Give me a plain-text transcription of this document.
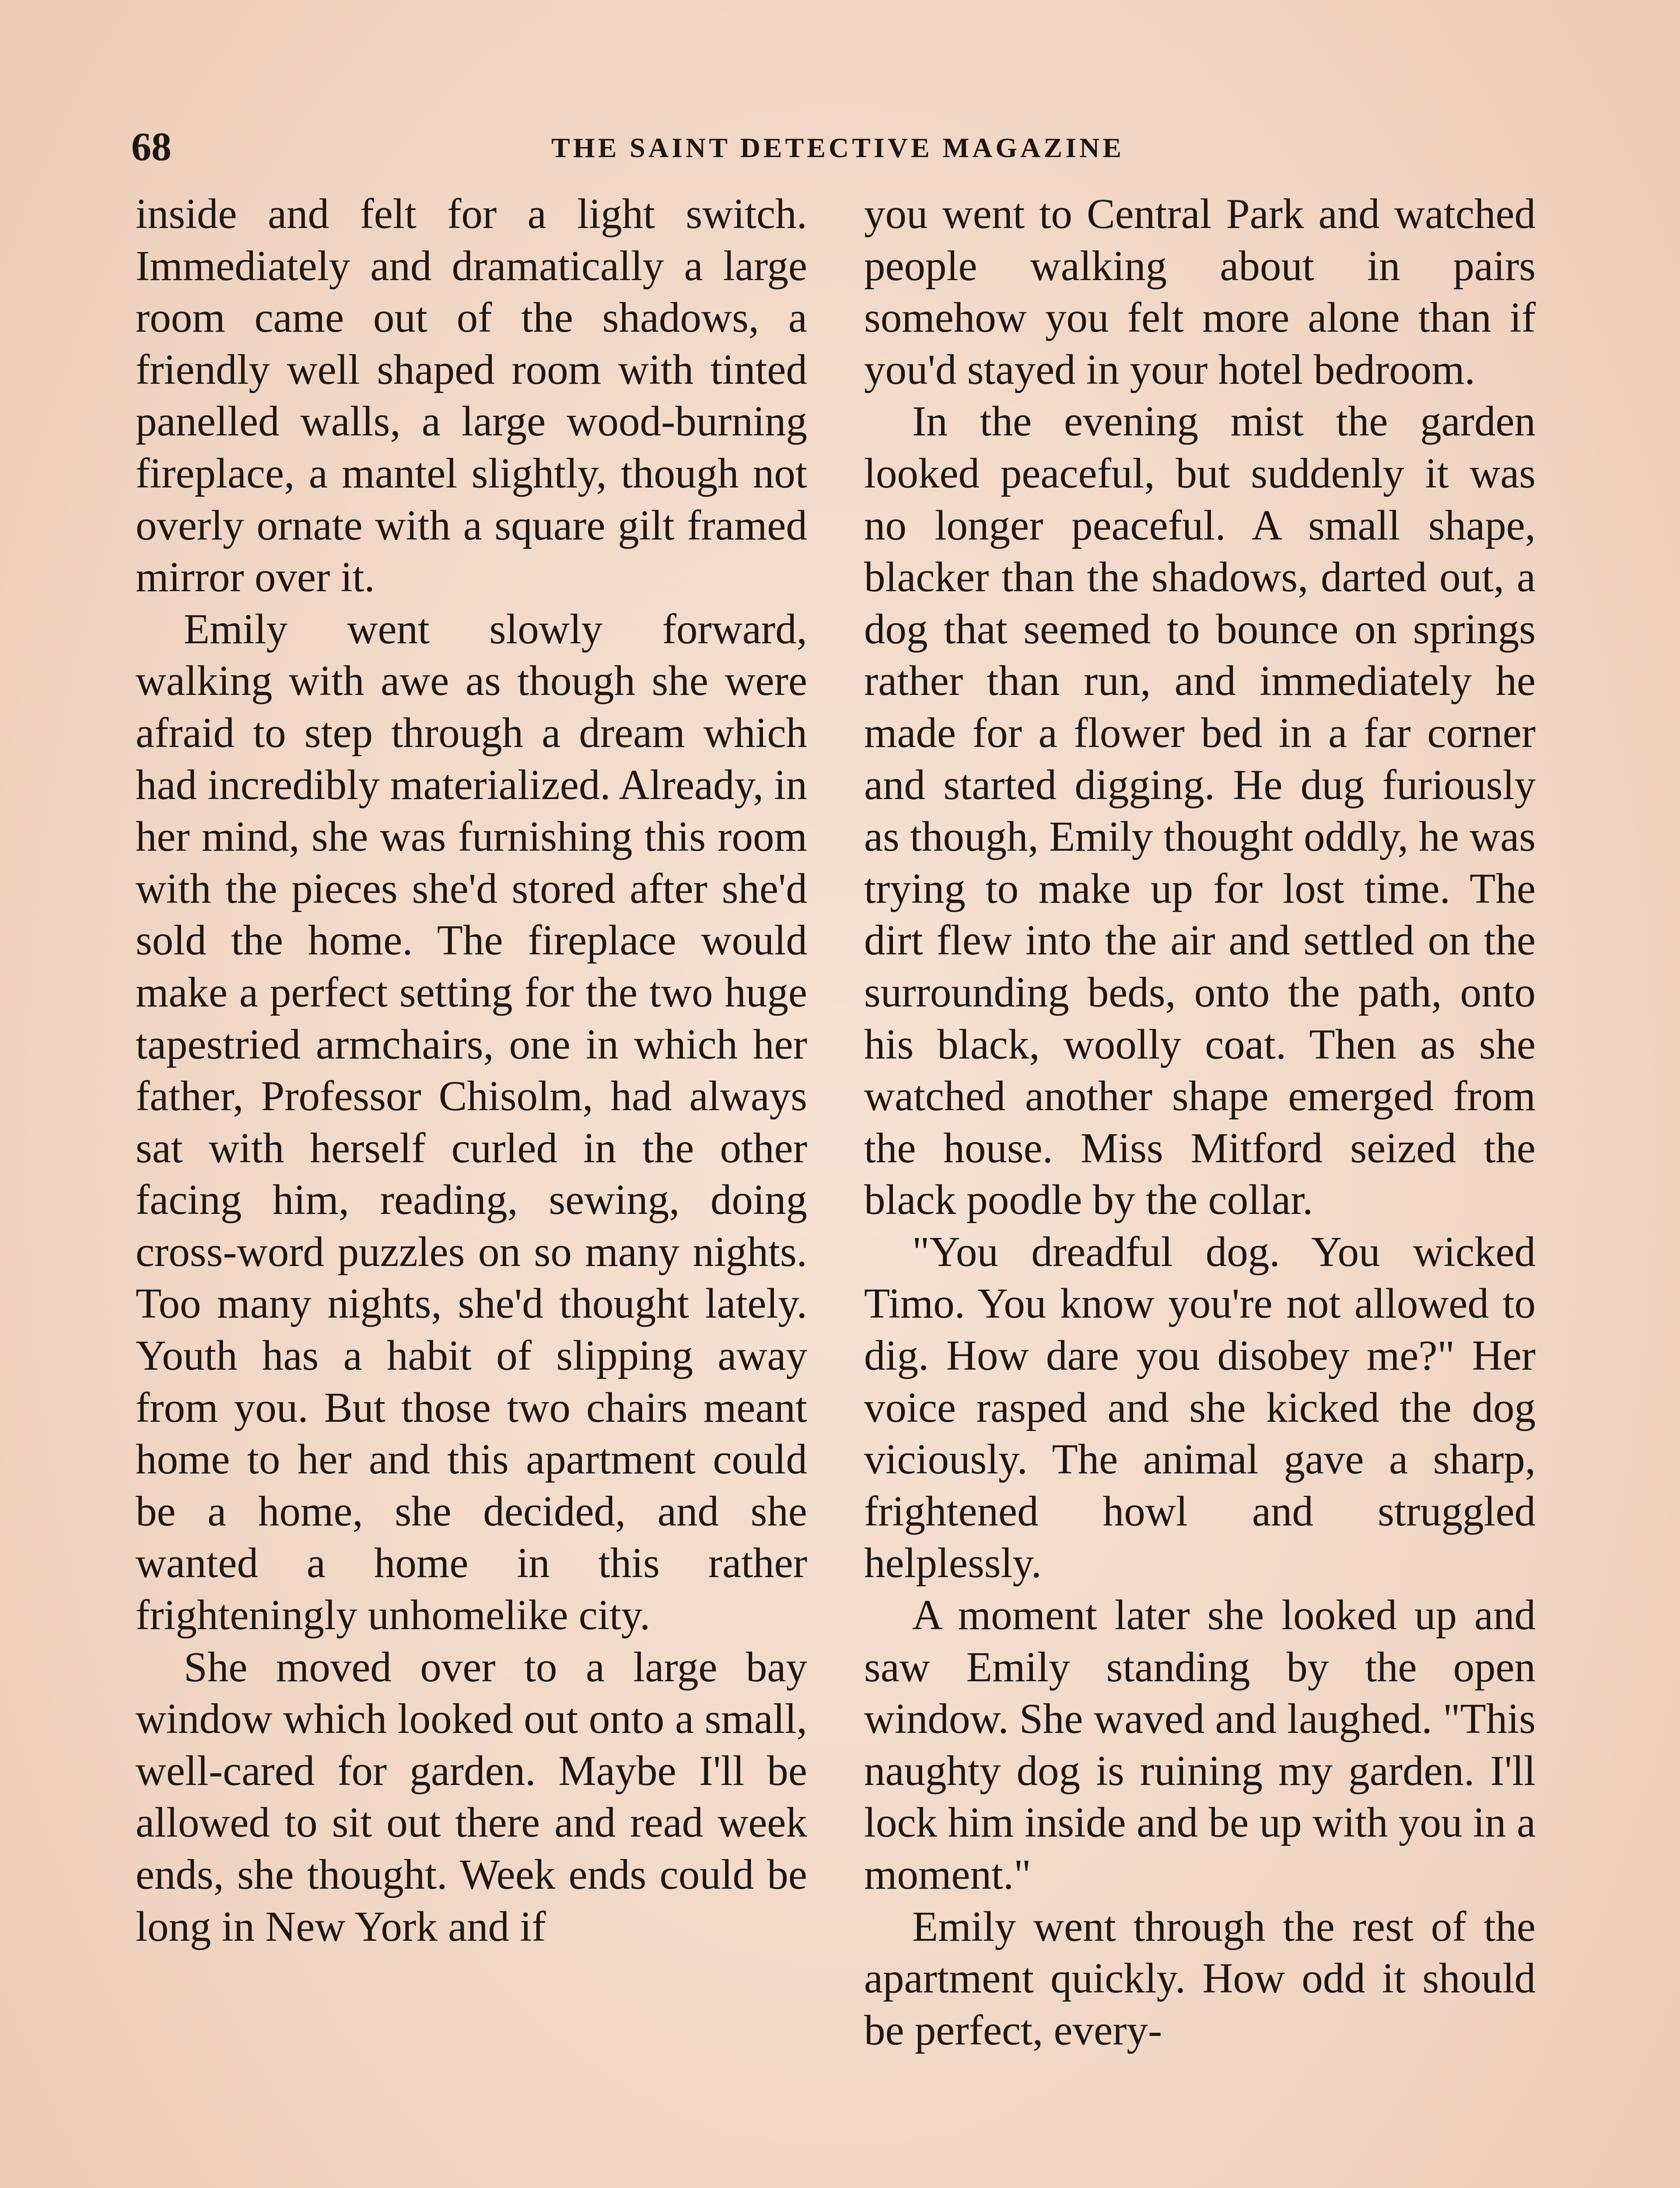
68	THE SAINT DETECTIVE MAGAZINE

inside and felt for a light switch. Immediately and dramatically a large room came out of the shadows, a friendly well shaped room with tinted panelled walls, a large wood-burning fireplace, a mantel slightly, though not overly ornate with a square gilt framed mirror over it.

Emily went slowly forward, walking with awe as though she were afraid to step through a dream which had incredibly materialized. Already, in her mind, she was furnishing this room with the pieces she'd stored after she'd sold the home. The fireplace would make a perfect setting for the two huge tapestried armchairs, one in which her father, Professor Chisolm, had always sat with herself curled in the other facing him, reading, sewing, doing cross-word puzzles on so many nights. Too many nights, she'd thought lately. Youth has a habit of slipping away from you. But those two chairs meant home to her and this apartment could be a home, she decided, and she wanted a home in this rather frighteningly unhomelike city.

She moved over to a large bay window which looked out onto a small, well-cared for garden. Maybe I'll be allowed to sit out there and read week ends, she thought. Week ends could be long in New York and if

you went to Central Park and watched people walking about in pairs somehow you felt more alone than if you'd stayed in your hotel bedroom.

In the evening mist the garden looked peaceful, but suddenly it was no longer peaceful. A small shape, blacker than the shadows, darted out, a dog that seemed to bounce on springs rather than run, and immediately he made for a flower bed in a far corner and started digging. He dug furiously as though, Emily thought oddly, he was trying to make up for lost time. The dirt flew into the air and settled on the surrounding beds, onto the path, onto his black, woolly coat. Then as she watched another shape emerged from the house. Miss Mitford seized the black poodle by the collar.

"You dreadful dog. You wicked Timo. You know you're not allowed to dig. How dare you disobey me?" Her voice rasped and she kicked the dog viciously. The animal gave a sharp, frightened howl and struggled helplessly.

A moment later she looked up and saw Emily standing by the open window. She waved and laughed. "This naughty dog is ruining my garden. I'll lock him inside and be up with you in a moment."

Emily went through the rest of the apartment quickly. How odd it should be perfect, every-
